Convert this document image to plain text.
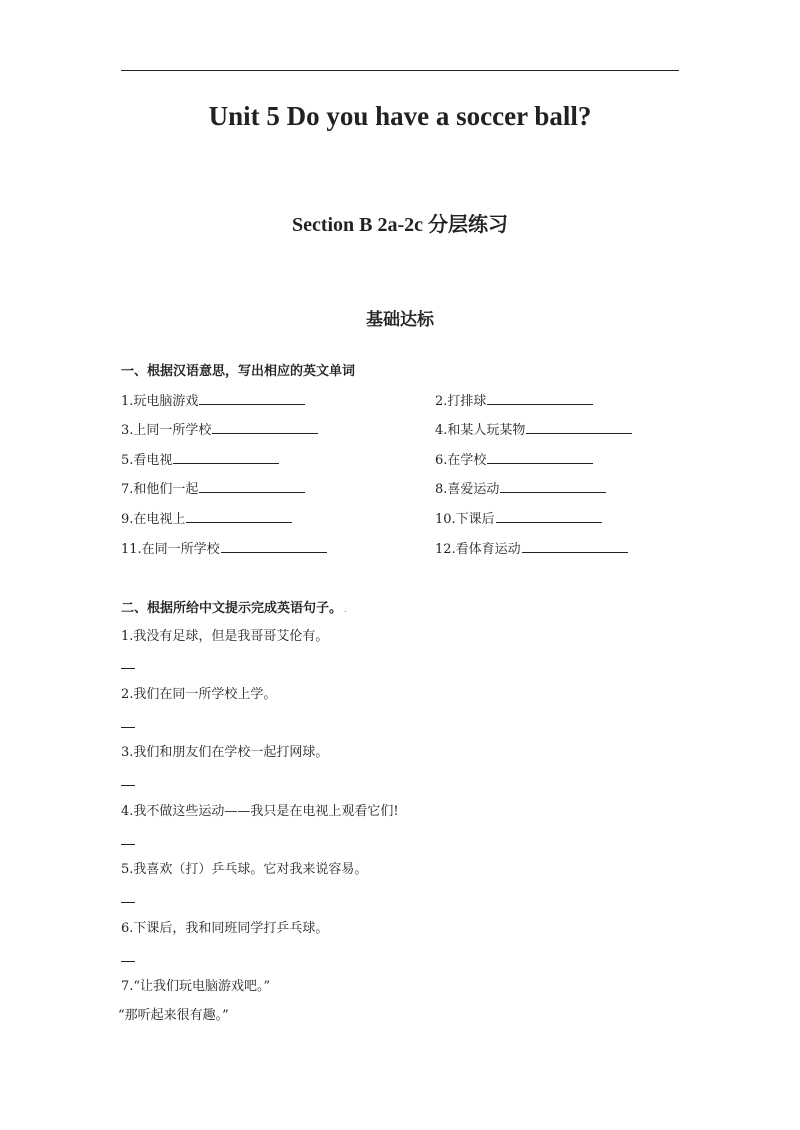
Unit 5 Do you have a soccer ball?
Section B 2a-2c 分层练习
基础达标
一、根据汉语意思，写出相应的英文单词
1.玩电脑游戏	2.打排球
3.上同一所学校	4.和某人玩某物
5.看电视	6.在学校
7.和他们一起	8.喜爱运动
9.在电视上	10.下课后
11.在同一所学校	12.看体育运动
二、根据所给中文提示完成英语句子。 .
1.我没有足球，但是我哥哥艾伦有。
2.我们在同一所学校上学。
3.我们和朋友们在学校一起打网球。
4.我不做这些运动——我只是在电视上观看它们!
5.我喜欢（打）乒乓球。它对我来说容易。
6.下课后，我和同班同学打乒乓球。
7.“让我们玩电脑游戏吧。”
“那听起来很有趣。”
